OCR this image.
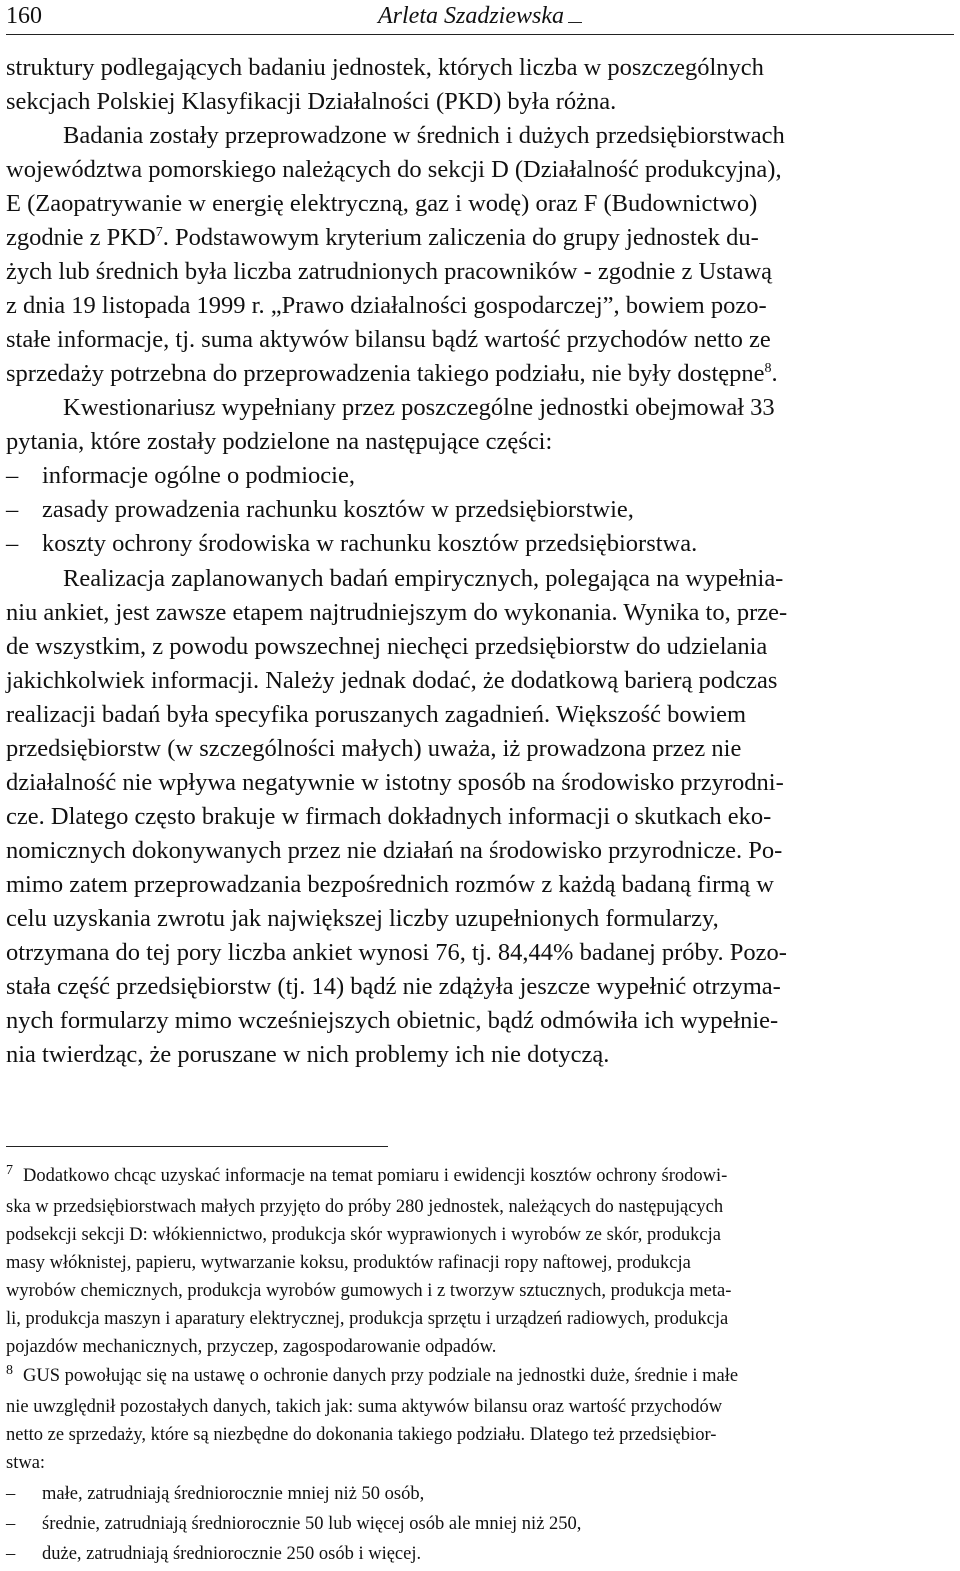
160	Arleta Szadziewska
struktury podlegających badaniu jednostek, których liczba w poszczególnych
sekcjach Polskiej Klasyfikacji Działalności (PKD) była różna.
Badania zostały przeprowadzone w średnich i dużych przedsiębiorstwach
województwa pomorskiego należących do sekcji D (Działalność produkcyjna),
E (Zaopatrywanie w energię elektryczną, gaz i wodę) oraz F (Budownictwo)
zgodnie z PKD$^7$. Podstawowym kryterium zaliczenia do grupy jednostek du-
żych lub średnich była liczba zatrudnionych pracowników - zgodnie z Ustawą
z dnia 19 listopada 1999 r. „Prawo działalności gospodarczej”, bowiem pozo-
stałe informacje, tj. suma aktywów bilansu bądź wartość przychodów netto ze
sprzedaży potrzebna do przeprowadzenia takiego podziału, nie były dostępne$^8$.
Kwestionariusz wypełniany przez poszczególne jednostki obejmował 33
pytania, które zostały podzielone na następujące części:
– informacje ogólne o podmiocie,
– zasady prowadzenia rachunku kosztów w przedsiębiorstwie,
– koszty ochrony środowiska w rachunku kosztów przedsiębiorstwa.
Realizacja zaplanowanych badań empirycznych, polegająca na wypełnia-
niu ankiet, jest zawsze etapem najtrudniejszym do wykonania. Wynika to, prze-
de wszystkim, z powodu powszechnej niechęci przedsiębiorstw do udzielania
jakichkolwiek informacji. Należy jednak dodać, że dodatkową barierą podczas
realizacji badań była specyfika poruszanych zagadnień. Większość bowiem
przedsiębiorstw (w szczególności małych) uważa, iż prowadzona przez nie
działalność nie wpływa negatywnie w istotny sposób na środowisko przyrodni-
cze. Dlatego często brakuje w firmach dokładnych informacji o skutkach eko-
nomicznych dokonywanych przez nie działań na środowisko przyrodnicze. Po-
mimo zatem przeprowadzania bezpośrednich rozmów z każdą badaną firmą w
celu uzyskania zwrotu jak największej liczby uzupełnionych formularzy,
otrzymana do tej pory liczba ankiet wynosi 76, tj. 84,44% badanej próby. Pozo-
stała część przedsiębiorstw (tj. 14) bądź nie zdążyła jeszcze wypełnić otrzyma-
nych formularzy mimo wcześniejszych obietnic, bądź odmówiła ich wypełnie-
nia twierdząc, że poruszane w nich problemy ich nie dotyczą.
$^7$ Dodatkowo chcąc uzyskać informacje na temat pomiaru i ewidencji kosztów ochrony środowi-
ska w przedsiębiorstwach małych przyjęto do próby 280 jednostek, należących do następujących
podsekcji sekcji D: włókiennictwo, produkcja skór wyprawionych i wyrobów ze skór, produkcja
masy włóknistej, papieru, wytwarzanie koksu, produktów rafinacji ropy naftowej, produkcja
wyrobów chemicznych, produkcja wyrobów gumowych i z tworzyw sztucznych, produkcja meta-
li, produkcja maszyn i aparatury elektrycznej, produkcja sprzętu i urządzeń radiowych, produkcja
pojazdów mechanicznych, przyczep, zagospodarowanie odpadów.
$^8$ GUS powołując się na ustawę o ochronie danych przy podziale na jednostki duże, średnie i małe
nie uwzględnił pozostałych danych, takich jak: suma aktywów bilansu oraz wartość przychodów
netto ze sprzedaży, które są niezbędne do dokonania takiego podziału. Dlatego też przedsiębior-
stwa:
– małe, zatrudniają średniorocznie mniej niż 50 osób,
– średnie, zatrudniają średniorocznie 50 lub więcej osób ale mniej niż 250,
– duże, zatrudniają średniorocznie 250 osób i więcej.
